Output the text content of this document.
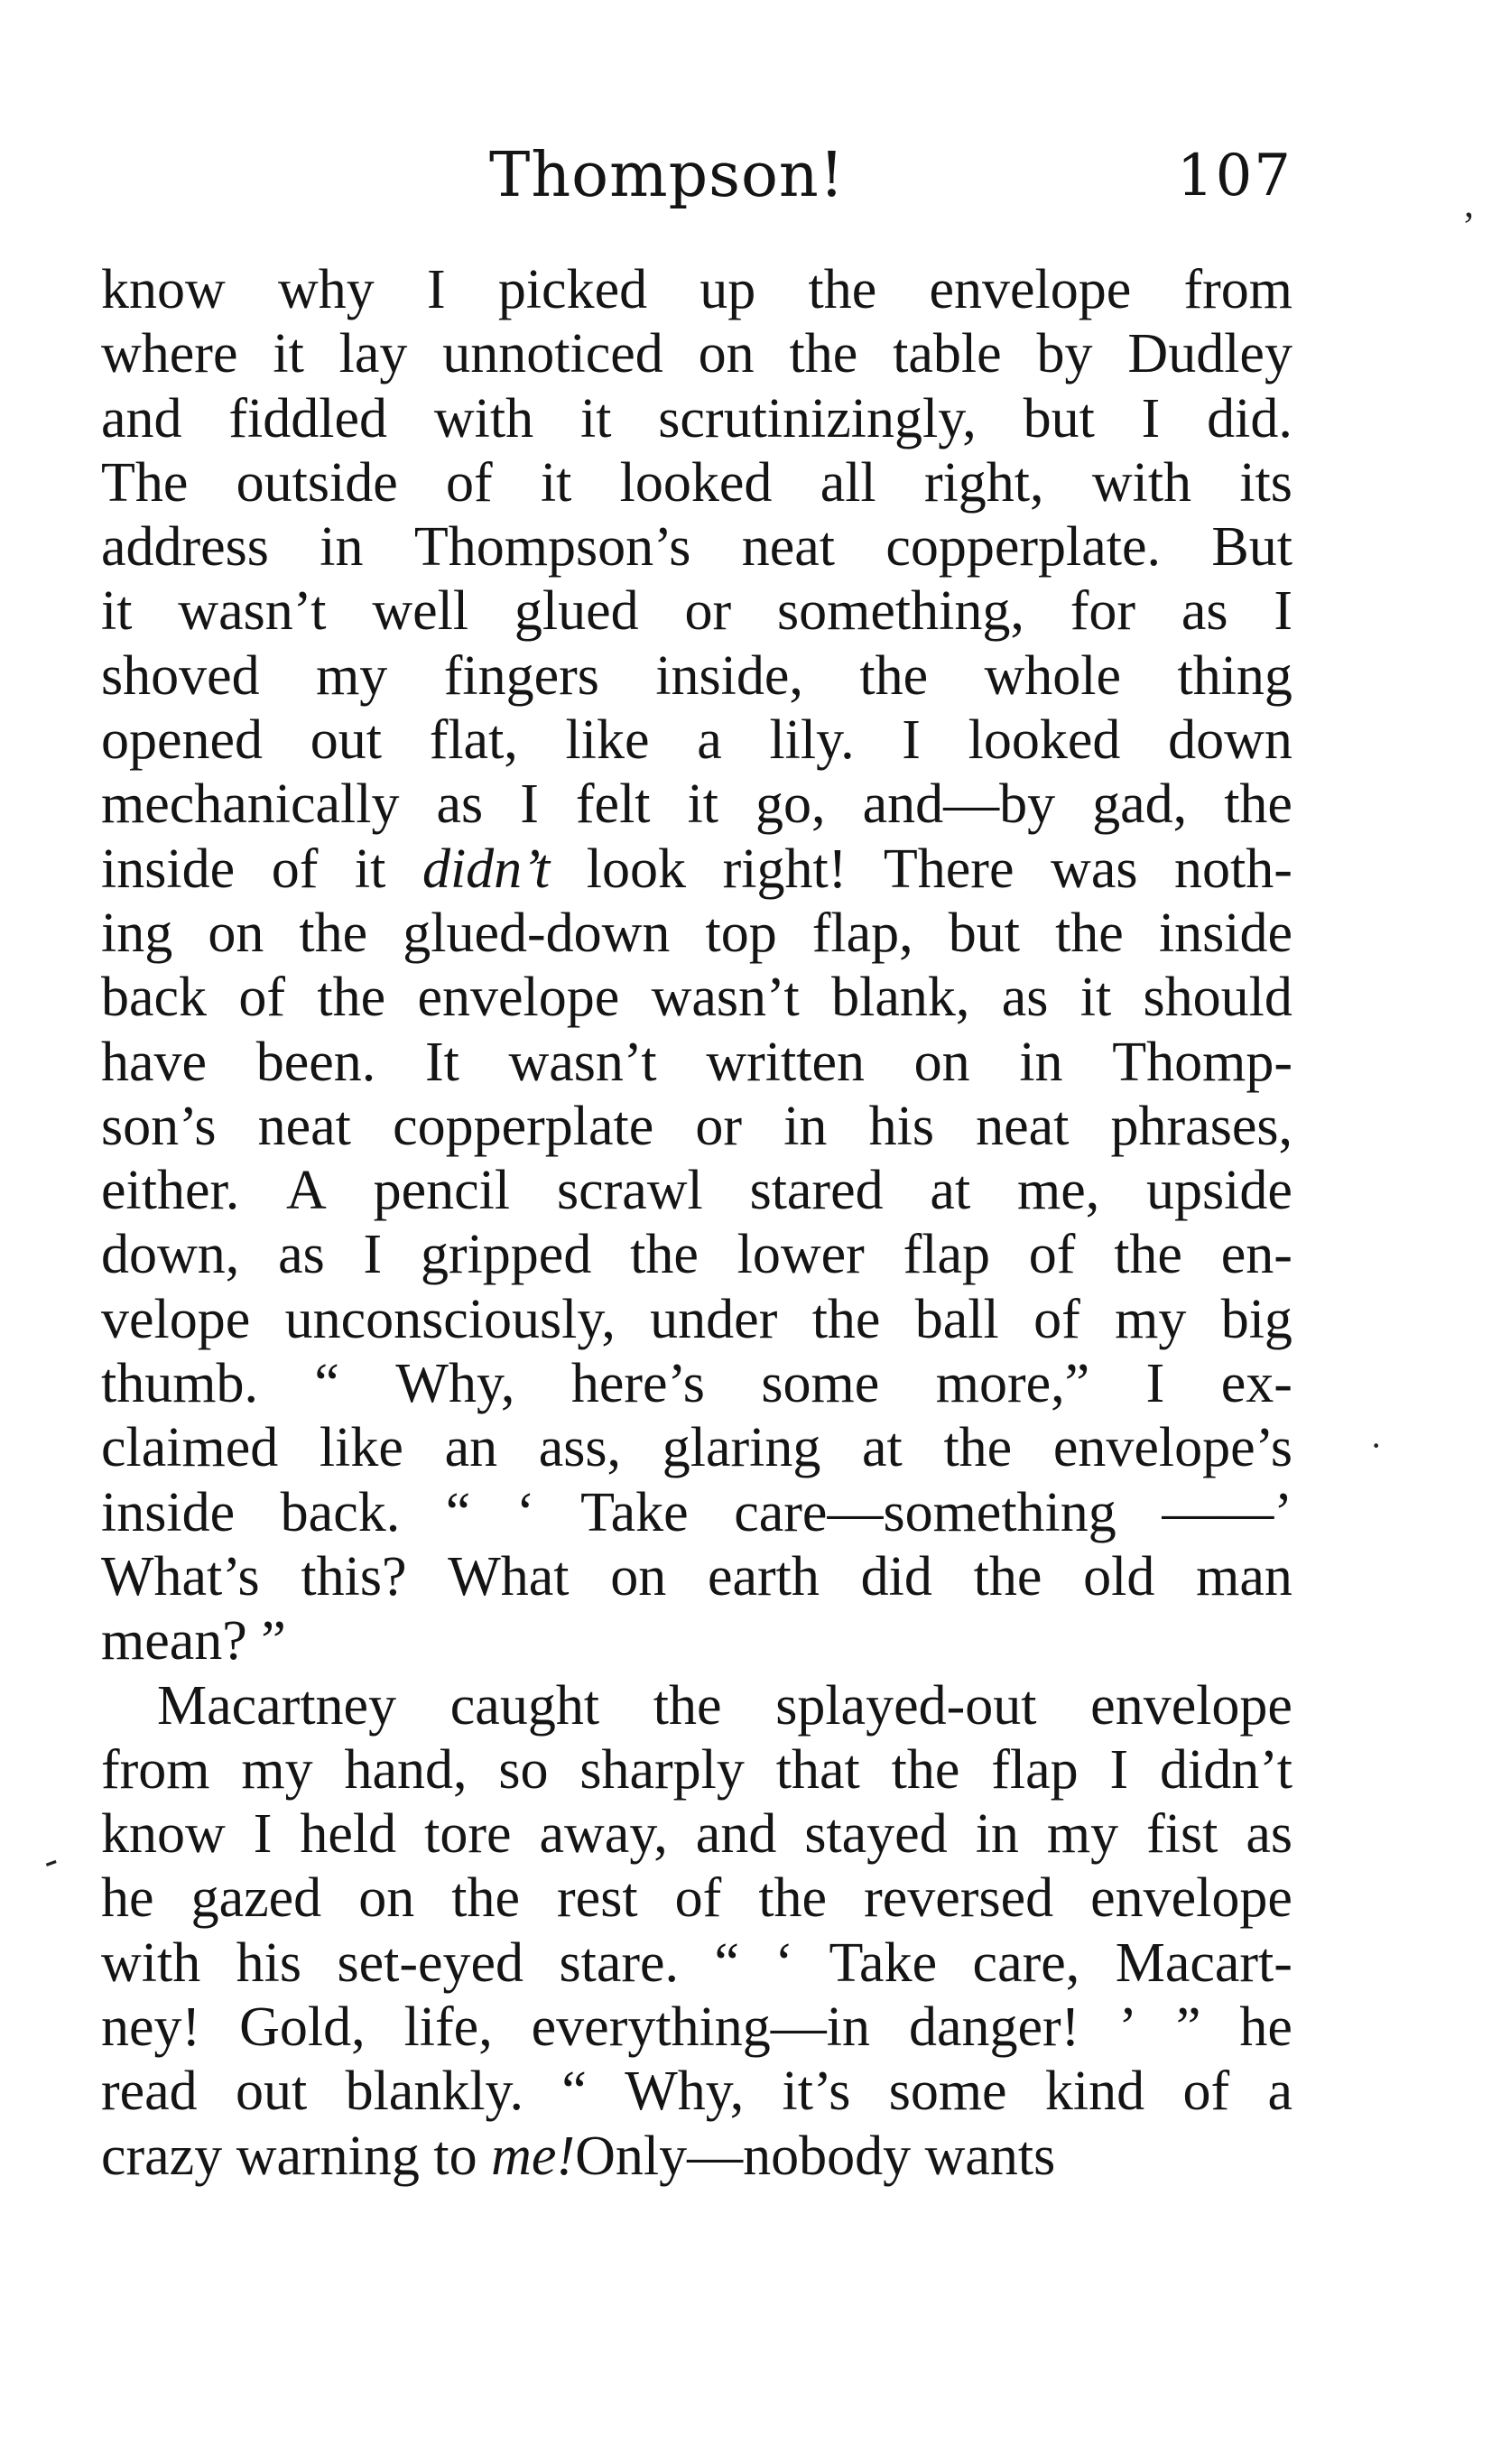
Thompson!	107
know why I picked up the envelope from
where it lay unnoticed on the table by Dudley
and fiddled with it scrutinizingly, but I did.
The outside of it looked all right, with its
address in Thompson’s neat copperplate. But
it wasn’t well glued or something, for as I
shoved my fingers inside, the whole thing
opened out flat, like a lily. I looked down
mechanically as I felt it go, and—by gad, the
inside of it didn’t look right! There was noth-
ing on the glued-down top flap, but the inside
back of the envelope wasn’t blank, as it should
have been. It wasn’t written on in Thomp-
son’s neat copperplate or in his neat phrases,
either. A pencil scrawl stared at me, upside
down, as I gripped the lower flap of the en-
velope unconsciously, under the ball of my big
thumb. “ Why, here’s some more,” I ex-
claimed like an ass, glaring at the envelope’s
inside back. “ ‘ Take care—something ——’
What’s this? What on earth did the old man
mean? ”
Macartney caught the splayed-out envelope
from my hand, so sharply that the flap I didn’t
know I held tore away, and stayed in my fist as
he gazed on the rest of the reversed envelope
with his set-eyed stare. “ ‘ Take care, Macart-
ney! Gold, life, everything—in danger! ’ ” he
read out blankly. “ Why, it’s some kind of a
crazy warning to me! Only—nobody wants
,
·
-
